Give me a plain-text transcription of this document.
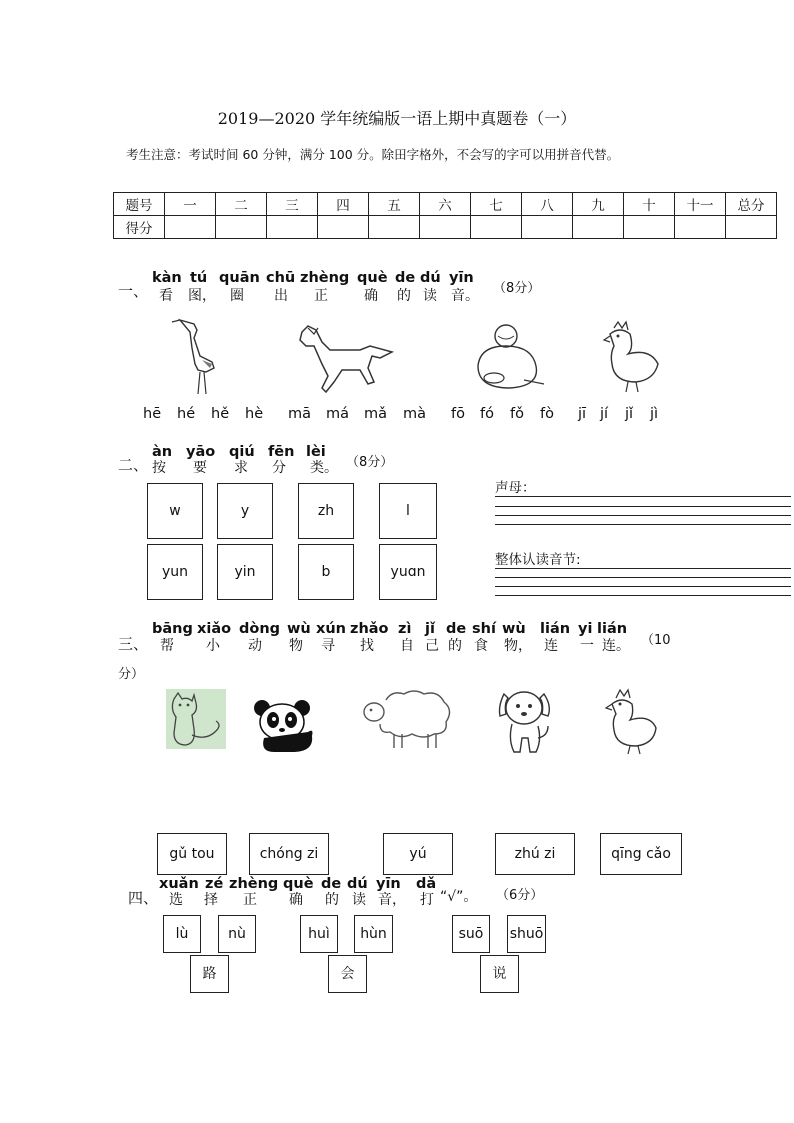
2019—2020 学年统编版一语上期中真题卷（一）
考生注意：考试时间 60 分钟，满分 100 分。除田字格外，不会写的字可以用拼音代替。
题号	一	二	三	四	五	六	七	八	九	十	十一	总分
得分												
一、
kàn tú quān chū zhèng què de dú yīn
看 图， 圈 出 正	确 的 读 音。 （8分）
hē hé hě hè mā má mǎ mà fō fó fǒ fò jī jí jǐ jì
二、
àn yāo qiú fēn lèi
按 要 求 分 类。 （8分）
w	y	zh	l
yun	yin	b	yuɑn
声母：
整体认读音节:
三、
bāng xiǎo dòng wù xún zhǎo zì jǐ de shí wù lián yi lián
帮 小 动 物 寻 找 自 己 的 食 物， 连 一 连。 （10
分）
gǔ tou	chóng zi	yú	zhú zi	qīng cǎo
四、
xuǎn zé zhèng què de dú yīn dǎ
选 择 正 确 的 读 音， 打 “√”。 （6分）
lù	nù
路
huì	hùn
会
suō	shuō
说
